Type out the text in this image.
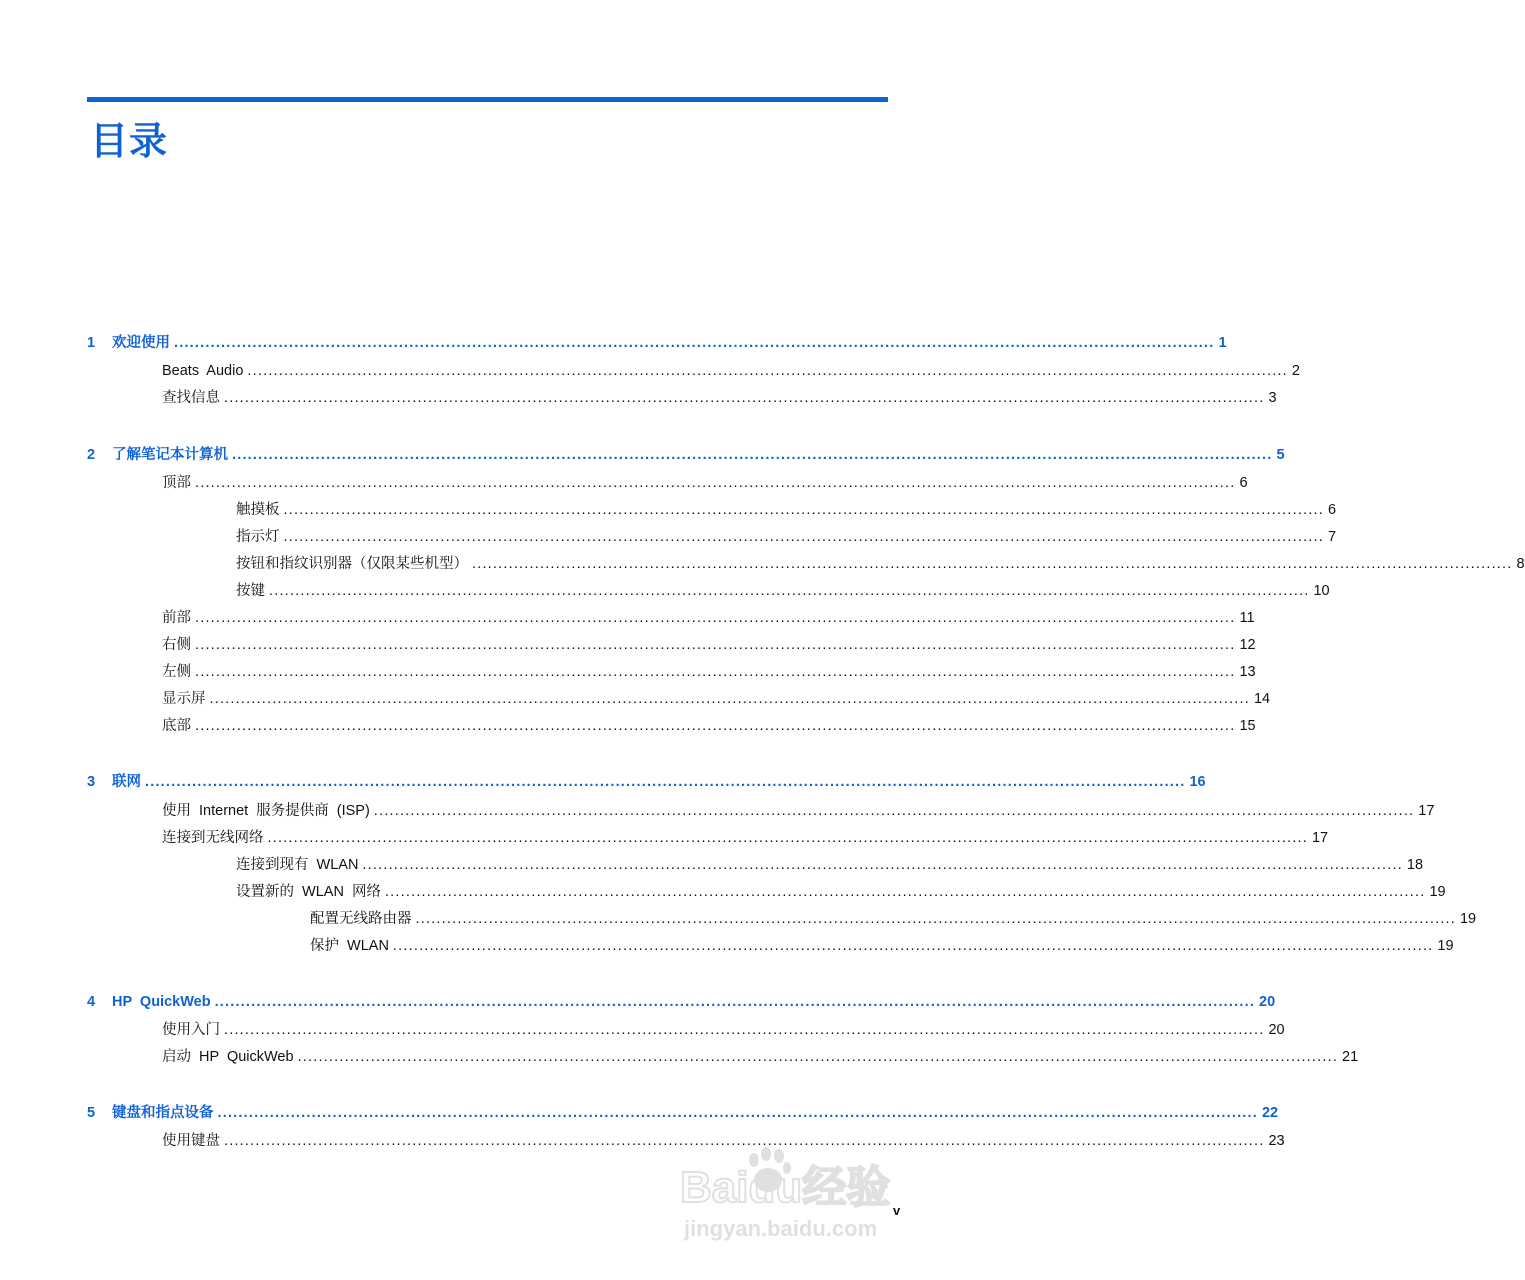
目录
1	欢迎使用 ....................................................................................................................................................................................................... 1
Beats Audio ....................................................................................................................................................................................................... 2
查找信息 ....................................................................................................................................................................................................... 3
2	了解笔记本计算机 ....................................................................................................................................................................................................... 5
顶部 ....................................................................................................................................................................................................... 6
触摸板 ....................................................................................................................................................................................................... 6
指示灯 ....................................................................................................................................................................................................... 7
按钮和指纹识别器（仅限某些机型） ....................................................................................................................................................................................................... 8
按键 ....................................................................................................................................................................................................... 10
前部 ....................................................................................................................................................................................................... 11
右侧 ....................................................................................................................................................................................................... 12
左侧 ....................................................................................................................................................................................................... 13
显示屏 ....................................................................................................................................................................................................... 14
底部 ....................................................................................................................................................................................................... 15
3	联网 ....................................................................................................................................................................................................... 16
使用 Internet 服务提供商 (ISP) ....................................................................................................................................................................................................... 17
连接到无线网络 ....................................................................................................................................................................................................... 17
连接到现有 WLAN ....................................................................................................................................................................................................... 18
设置新的 WLAN 网络 ....................................................................................................................................................................................................... 19
配置无线路由器 ....................................................................................................................................................................................................... 19
保护 WLAN ....................................................................................................................................................................................................... 19
4	HP QuickWeb ....................................................................................................................................................................................................... 20
使用入门 ....................................................................................................................................................................................................... 20
启动 HP QuickWeb ....................................................................................................................................................................................................... 21
5	键盘和指点设备 ....................................................................................................................................................................................................... 22
使用键盘 ....................................................................................................................................................................................................... 23
v
Baidu经验
jingyan.baidu.com
